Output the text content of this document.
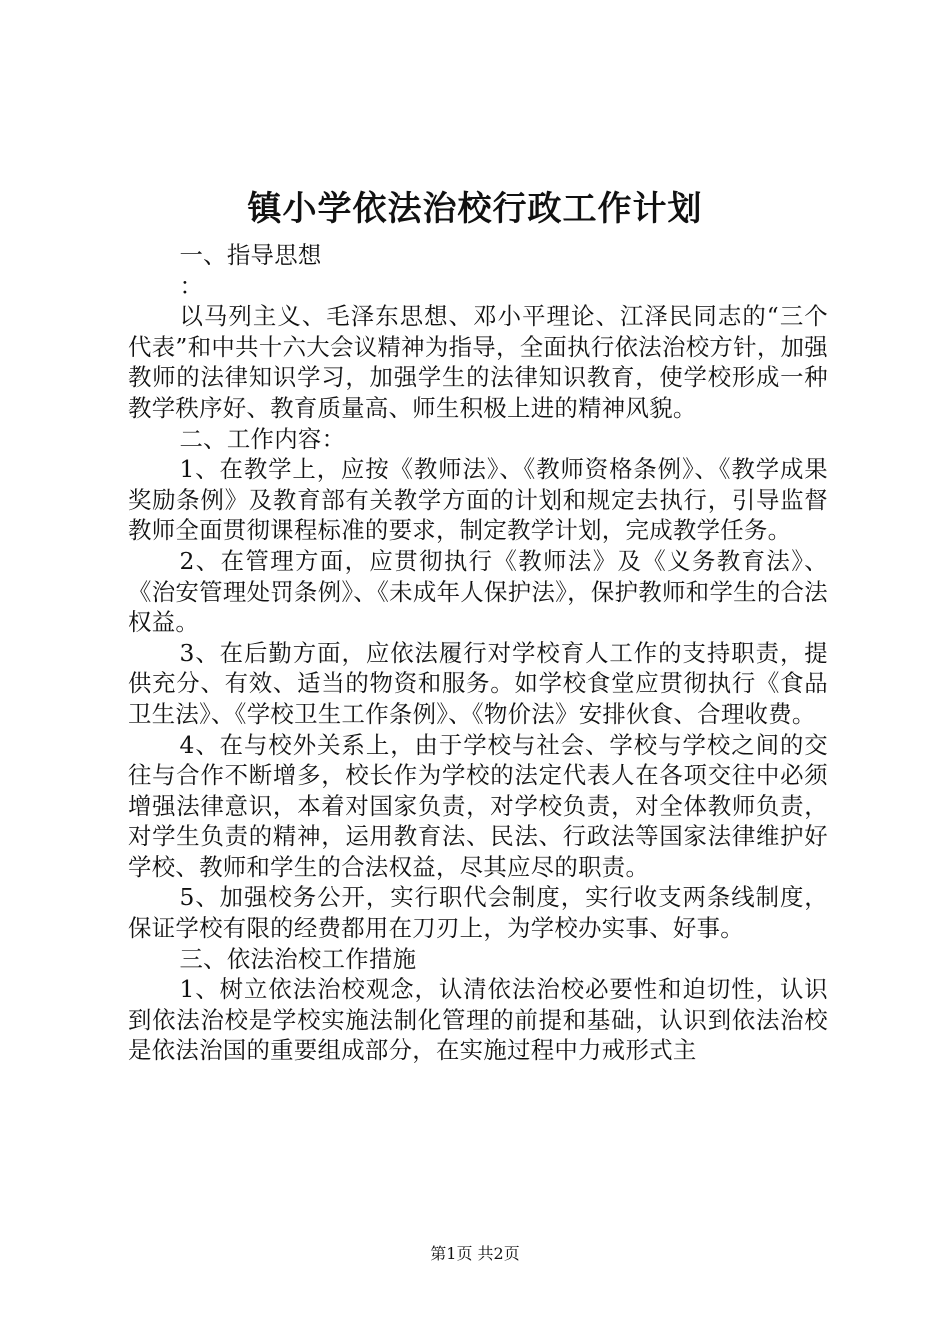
镇小学依法治校行政工作计划

一、指导思想

：

以马列主义、毛泽东思想、邓小平理论、江泽民同志的“三个代表”和中共十六大会议精神为指导，全面执行依法治校方针，加强教师的法律知识学习，加强学生的法律知识教育，使学校形成一种教学秩序好、教育质量高、师生积极上进的精神风貌。

二、工作内容：

1、在教学上，应按《教师法》、《教师资格条例》、《教学成果奖励条例》及教育部有关教学方面的计划和规定去执行，引导监督教师全面贯彻课程标准的要求，制定教学计划，完成教学任务。

2、在管理方面，应贯彻执行《教师法》及《义务教育法》、《治安管理处罚条例》、《未成年人保护法》，保护教师和学生的合法权益。

3、在后勤方面，应依法履行对学校育人工作的支持职责，提供充分、有效、适当的物资和服务。如学校食堂应贯彻执行《食品卫生法》、《学校卫生工作条例》、《物价法》安排伙食、合理收费。

4、在与校外关系上，由于学校与社会、学校与学校之间的交往与合作不断增多，校长作为学校的法定代表人在各项交往中必须增强法律意识，本着对国家负责，对学校负责，对全体教师负责，对学生负责的精神，运用教育法、民法、行政法等国家法律维护好学校、教师和学生的合法权益，尽其应尽的职责。

5、加强校务公开，实行职代会制度，实行收支两条线制度，保证学校有限的经费都用在刀刃上，为学校办实事、好事。

三、依法治校工作措施

1、树立依法治校观念，认清依法治校必要性和迫切性，认识到依法治校是学校实施法制化管理的前提和基础，认识到依法治校是依法治国的重要组成部分，在实施过程中力戒形式主

第1页 共2页
